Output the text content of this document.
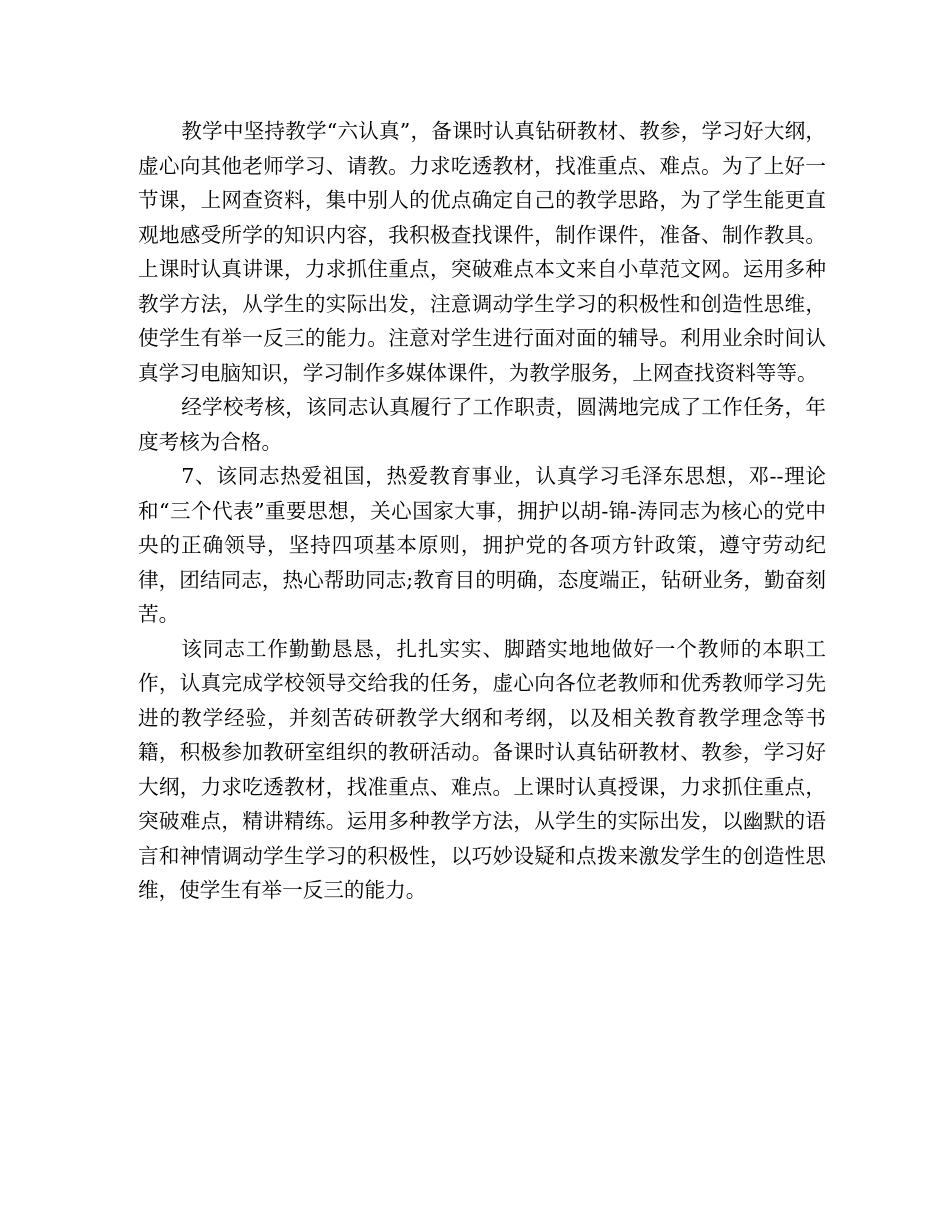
教学中坚持教学“六认真”，备课时认真钻研教材、教参，学习好大纲，虚心向其他老师学习、请教。力求吃透教材，找准重点、难点。为了上好一节课，上网查资料，集中别人的优点确定自己的教学思路，为了学生能更直观地感受所学的知识内容，我积极查找课件，制作课件，准备、制作教具。上课时认真讲课，力求抓住重点，突破难点本文来自小草范文网。运用多种教学方法，从学生的实际出发，注意调动学生学习的积极性和创造性思维，使学生有举一反三的能力。注意对学生进行面对面的辅导。利用业余时间认真学习电脑知识，学习制作多媒体课件，为教学服务，上网查找资料等等。

经学校考核，该同志认真履行了工作职责，圆满地完成了工作任务，年度考核为合格。

7、该同志热爱祖国，热爱教育事业，认真学习毛泽东思想，邓--理论和“三个代表”重要思想，关心国家大事，拥护以胡-锦-涛同志为核心的党中央的正确领导，坚持四项基本原则，拥护党的各项方针政策，遵守劳动纪律，团结同志，热心帮助同志;教育目的明确，态度端正，钻研业务，勤奋刻苦。

该同志工作勤勤恳恳，扎扎实实、脚踏实地地做好一个教师的本职工作，认真完成学校领导交给我的任务，虚心向各位老教师和优秀教师学习先进的教学经验，并刻苦砖研教学大纲和考纲，以及相关教育教学理念等书籍，积极参加教研室组织的教研活动。备课时认真钻研教材、教参，学习好大纲，力求吃透教材，找准重点、难点。上课时认真授课，力求抓住重点，突破难点，精讲精练。运用多种教学方法，从学生的实际出发，以幽默的语言和神情调动学生学习的积极性，以巧妙设疑和点拨来激发学生的创造性思维，使学生有举一反三的能力。
